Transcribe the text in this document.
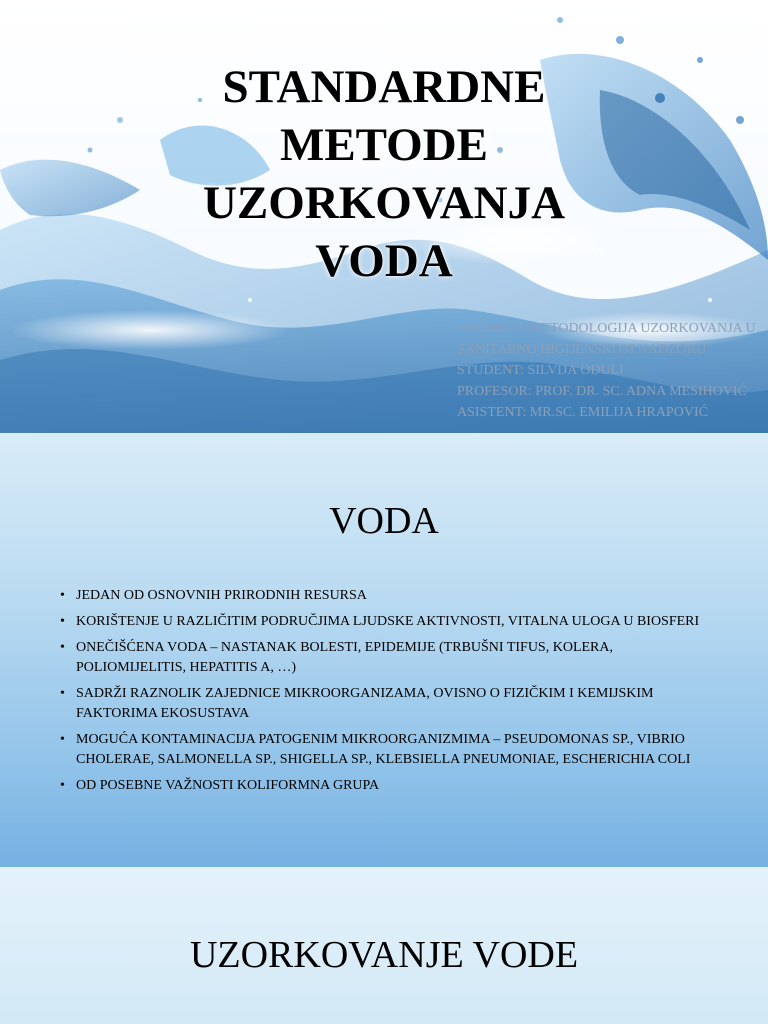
STANDARDNE
METODE
UZORKOVANJA
VODA
PREDMET: METODOLOGIJA UZORKOVANJA U
SANITARNO HIGIJENSKOM NADZORU
STUDENT: SILVIJA OĐULI
PROFESOR: PROF. DR. SC. ADNA MESIHOVIĆ
ASISTENT: MR.SC. EMILIJA HRAPOVIĆ
VODA
• JEDAN OD OSNOVNIH PRIRODNIH RESURSA
• KORIŠTENJE U RAZLIČITIM PODRUČJIMA LJUDSKE AKTIVNOSTI, VITALNA ULOGA U BIOSFERI
• ONEČIŠĆENA VODA – NASTANAK BOLESTI, EPIDEMIJE (TRBUŠNI TIFUS, KOLERA, POLIOMIJELITIS, HEPATITIS A, …)
• SADRŽI RAZNOLIK ZAJEDNICE MIKROORGANIZAMA, OVISNO O FIZIČKIM I KEMIJSKIM FAKTORIMA EKOSUSTAVA
• MOGUĆA KONTAMINACIJA PATOGENIM MIKROORGANIZMIMA – PSEUDOMONAS SP., VIBRIO CHOLERAE, SALMONELLA SP., SHIGELLA SP., KLEBSIELLA PNEUMONIAE, ESCHERICHIA COLI
• OD POSEBNE VAŽNOSTI KOLIFORMNA GRUPA
UZORKOVANJE VODE
